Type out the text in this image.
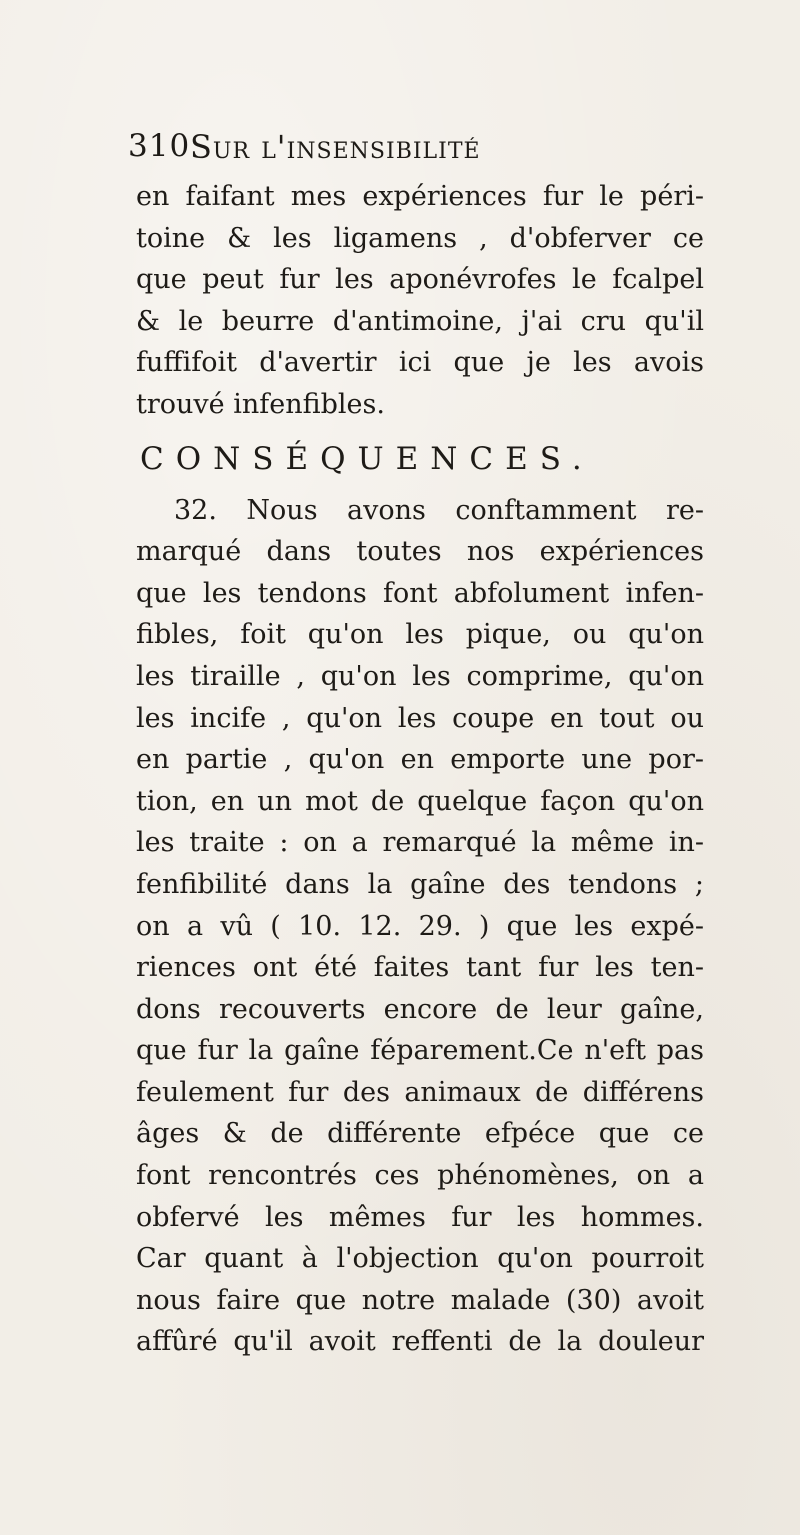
310 Sur l'insensibilité
en faifant mes expériences fur le péri-
toine & les ligamens , d'obferver ce
que peut fur les aponévrofes le fcalpel
& le beurre d'antimoine, j'ai cru qu'il
fuffifoit d'avertir ici que je les avois
trouvé infenfibles.
CONSÉQUENCES.
32. Nous avons conftamment re-
marqué dans toutes nos expériences
que les tendons font abfolument infen-
fibles, foit qu'on les pique, ou qu'on
les tiraille , qu'on les comprime, qu'on
les incife , qu'on les coupe en tout ou
en partie , qu'on en emporte une por-
tion, en un mot de quelque façon qu'on
les traite : on a remarqué la même in-
fenfibilité dans la gaîne des tendons ;
on a vû ( 10. 12. 29. ) que les expé-
riences ont été faites tant fur les ten-
dons recouverts encore de leur gaîne,
que fur la gaîne féparement.Ce n'eft pas
feulement fur des animaux de différens
âges & de différente efpéce que ce
font rencontrés ces phénomènes, on a
obfervé les mêmes fur les hommes.
Car quant à l'objection qu'on pourroit
nous faire que notre malade (30) avoit
affûré qu'il avoit reffenti de la douleur
